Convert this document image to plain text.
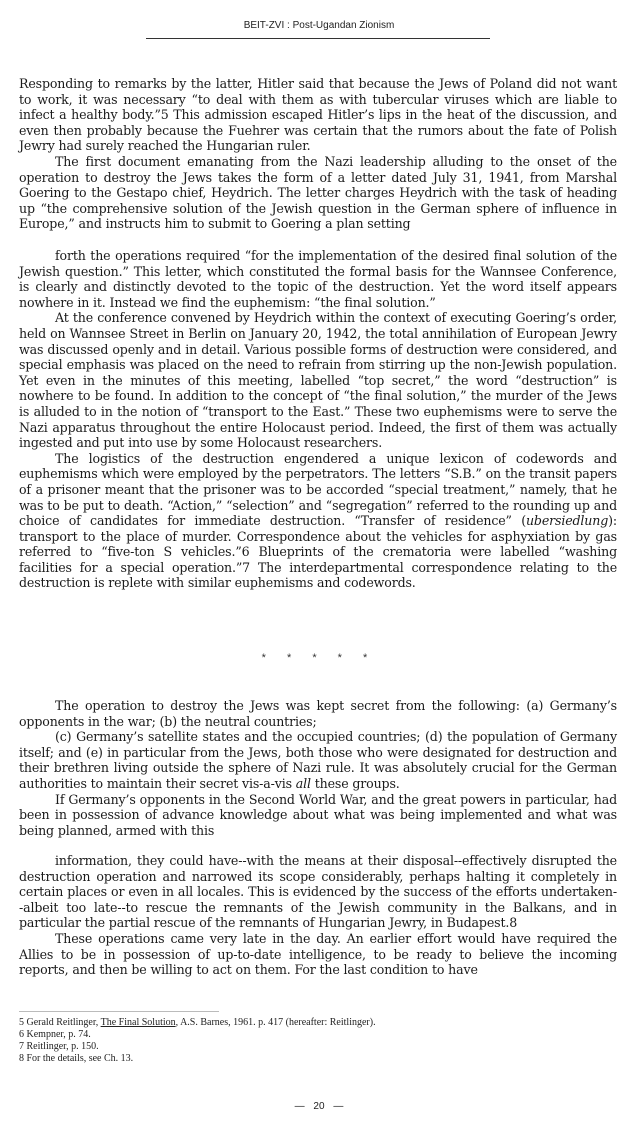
BEIT-ZVI : Post-Ugandan Zionism

Responding to remarks by the latter, Hitler said that because the Jews of Poland did not want to work, it was necessary “to deal with them as with tubercular viruses which are liable to infect a healthy body.”5 This admission escaped Hitler’s lips in the heat of the discussion, and even then probably because the Fuehrer was certain that the rumors about the fate of Polish Jewry had surely reached the Hungarian ruler.

The first document emanating from the Nazi leadership alluding to the onset of the operation to destroy the Jews takes the form of a letter dated July 31, 1941, from Marshal Goering to the Gestapo chief, Heydrich. The letter charges Heydrich with the task of heading up “the comprehensive solution of the Jewish question in the German sphere of influence in Europe,” and instructs him to submit to Goering a plan setting

forth the operations required “for the implementation of the desired final solution of the Jewish question.” This letter, which constituted the formal basis for the Wannsee Conference, is clearly and distinctly devoted to the topic of the destruction. Yet the word itself appears nowhere in it. Instead we find the euphemism: “the final solution.”

At the conference convened by Heydrich within the context of executing Goering’s order, held on Wannsee Street in Berlin on January 20, 1942, the total annihilation of European Jewry was discussed openly and in detail. Various possible forms of destruction were considered, and special emphasis was placed on the need to refrain from stirring up the non-Jewish population. Yet even in the minutes of this meeting, labelled “top secret,” the word “destruction” is nowhere to be found. In addition to the concept of “the final solution,” the murder of the Jews is alluded to in the notion of “transport to the East.” These two euphemisms were to serve the Nazi apparatus throughout the entire Holocaust period. Indeed, the first of them was actually ingested and put into use by some Holocaust researchers.

The logistics of the destruction engendered a unique lexicon of codewords and euphemisms which were employed by the perpetrators. The letters “S.B.” on the transit papers of a prisoner meant that the prisoner was to be accorded “special treatment,” namely, that he was to be put to death. “Action,” “selection” and “segregation” referred to the rounding up and choice of candidates for immediate destruction. “Transfer of residence” (ubersiedlung): transport to the place of murder. Correspondence about the vehicles for asphyxiation by gas referred to “five-ton S vehicles.”6 Blueprints of the crematoria were labelled “washing facilities for a special operation.”7 The interdepartmental correspondence relating to the destruction is replete with similar euphemisms and codewords.

* * * * *

The operation to destroy the Jews was kept secret from the following: (a) Germany’s opponents in the war; (b) the neutral countries;

(c) Germany’s satellite states and the occupied countries; (d) the population of Germany itself; and (e) in particular from the Jews, both those who were designated for destruction and their brethren living outside the sphere of Nazi rule. It was absolutely crucial for the German authorities to maintain their secret vis-a-vis all these groups.

If Germany’s opponents in the Second World War, and the great powers in particular, had been in possession of advance knowledge about what was being implemented and what was being planned, armed with this

information, they could have--with the means at their disposal--effectively disrupted the destruction operation and narrowed its scope considerably, perhaps halting it completely in certain places or even in all locales. This is evidenced by the success of the efforts undertaken--albeit too late--to rescue the remnants of the Jewish community in the Balkans, and in particular the partial rescue of the remnants of Hungarian Jewry, in Budapest.8

These operations came very late in the day. An earlier effort would have required the Allies to be in possession of up-to-date intelligence, to be ready to believe the incoming reports, and then be willing to act on them. For the last condition to have

5 Gerald Reitlinger, The Final Solution, A.S. Barnes, 1961. p. 417 (hereafter: Reitlinger).
6 Kempner, p. 74.
7 Reitlinger, p. 150.
8 For the details, see Ch. 13.
— 20 —
